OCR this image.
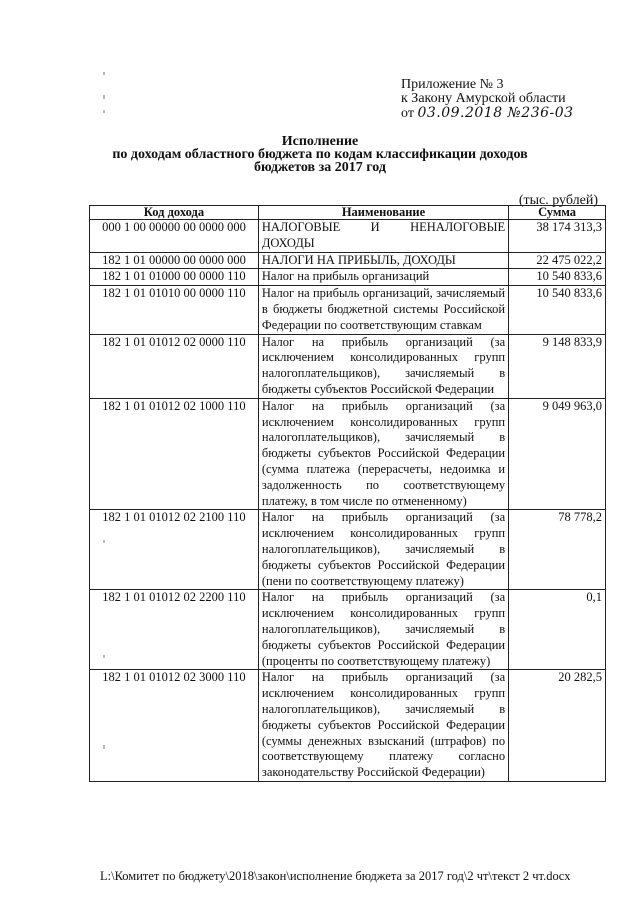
Приложение № 3
к Закону Амурской области
от 03.09.2018 №236-03
Исполнение
по доходам областного бюджета по кодам классификации доходов
бюджетов за 2017 год
(тыс. рублей)
Код дохода	Наименование	Сумма
000 1 00 00000 00 0000 000	НАЛОГОВЫЕ И НЕНАЛОГОВЫЕ ДОХОДЫ	38 174 313,3
182 1 01 00000 00 0000 000	НАЛОГИ НА ПРИБЫЛЬ, ДОХОДЫ	22 475 022,2
182 1 01 01000 00 0000 110	Налог на прибыль организаций	10 540 833,6
182 1 01 01010 00 0000 110	Налог на прибыль организаций, зачисляемый в бюджеты бюджетной системы Российской Федерации по соответствующим ставкам	10 540 833,6
182 1 01 01012 02 0000 110	Налог на прибыль организаций (за исключением консолидированных групп налогоплательщиков), зачисляемый в бюджеты субъектов Российской Федерации	9 148 833,9
182 1 01 01012 02 1000 110	Налог на прибыль организаций (за исключением консолидированных групп налогоплательщиков), зачисляемый в бюджеты субъектов Российской Федерации (сумма платежа (перерасчеты, недоимка и задолженность по соответствующему платежу, в том числе по отмененному)	9 049 963,0
182 1 01 01012 02 2100 110	Налог на прибыль организаций (за исключением консолидированных групп налогоплательщиков), зачисляемый в бюджеты субъектов Российской Федерации (пени по соответствующему платежу)	78 778,2
182 1 01 01012 02 2200 110	Налог на прибыль организаций (за исключением консолидированных групп налогоплательщиков), зачисляемый в бюджеты субъектов Российской Федерации (проценты по соответствующему платежу)	0,1
182 1 01 01012 02 3000 110	Налог на прибыль организаций (за исключением консолидированных групп налогоплательщиков), зачисляемый в бюджеты субъектов Российской Федерации (суммы денежных взысканий (штрафов) по соответствующему платежу согласно законодательству Российской Федерации)	20 282,5
L:\Комитет по бюджету\2018\закон\исполнение бюджета за 2017 год\2 чт\текст 2 чт.docx
